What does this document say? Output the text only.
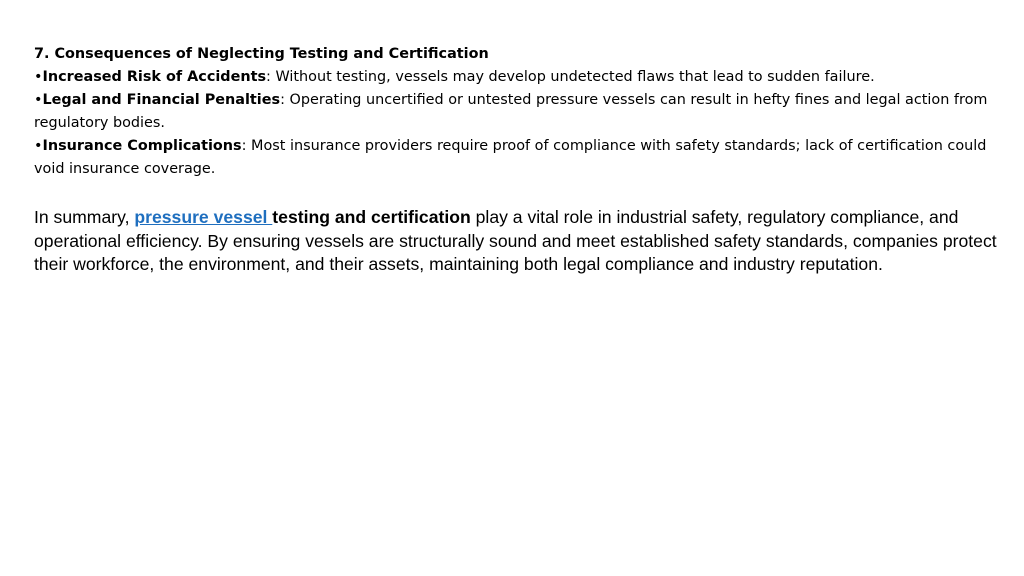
7. Consequences of Neglecting Testing and Certification

•Increased Risk of Accidents: Without testing, vessels may develop undetected flaws that lead to sudden failure.

•Legal and Financial Penalties: Operating uncertified or untested pressure vessels can result in hefty fines and legal action from regulatory bodies.

•Insurance Complications: Most insurance providers require proof of compliance with safety standards; lack of certification could void insurance coverage.

In summary, pressure vessel testing and certification play a vital role in industrial safety, regulatory compliance, and operational efficiency. By ensuring vessels are structurally sound and meet established safety standards, companies protect their workforce, the environment, and their assets, maintaining both legal compliance and industry reputation.
